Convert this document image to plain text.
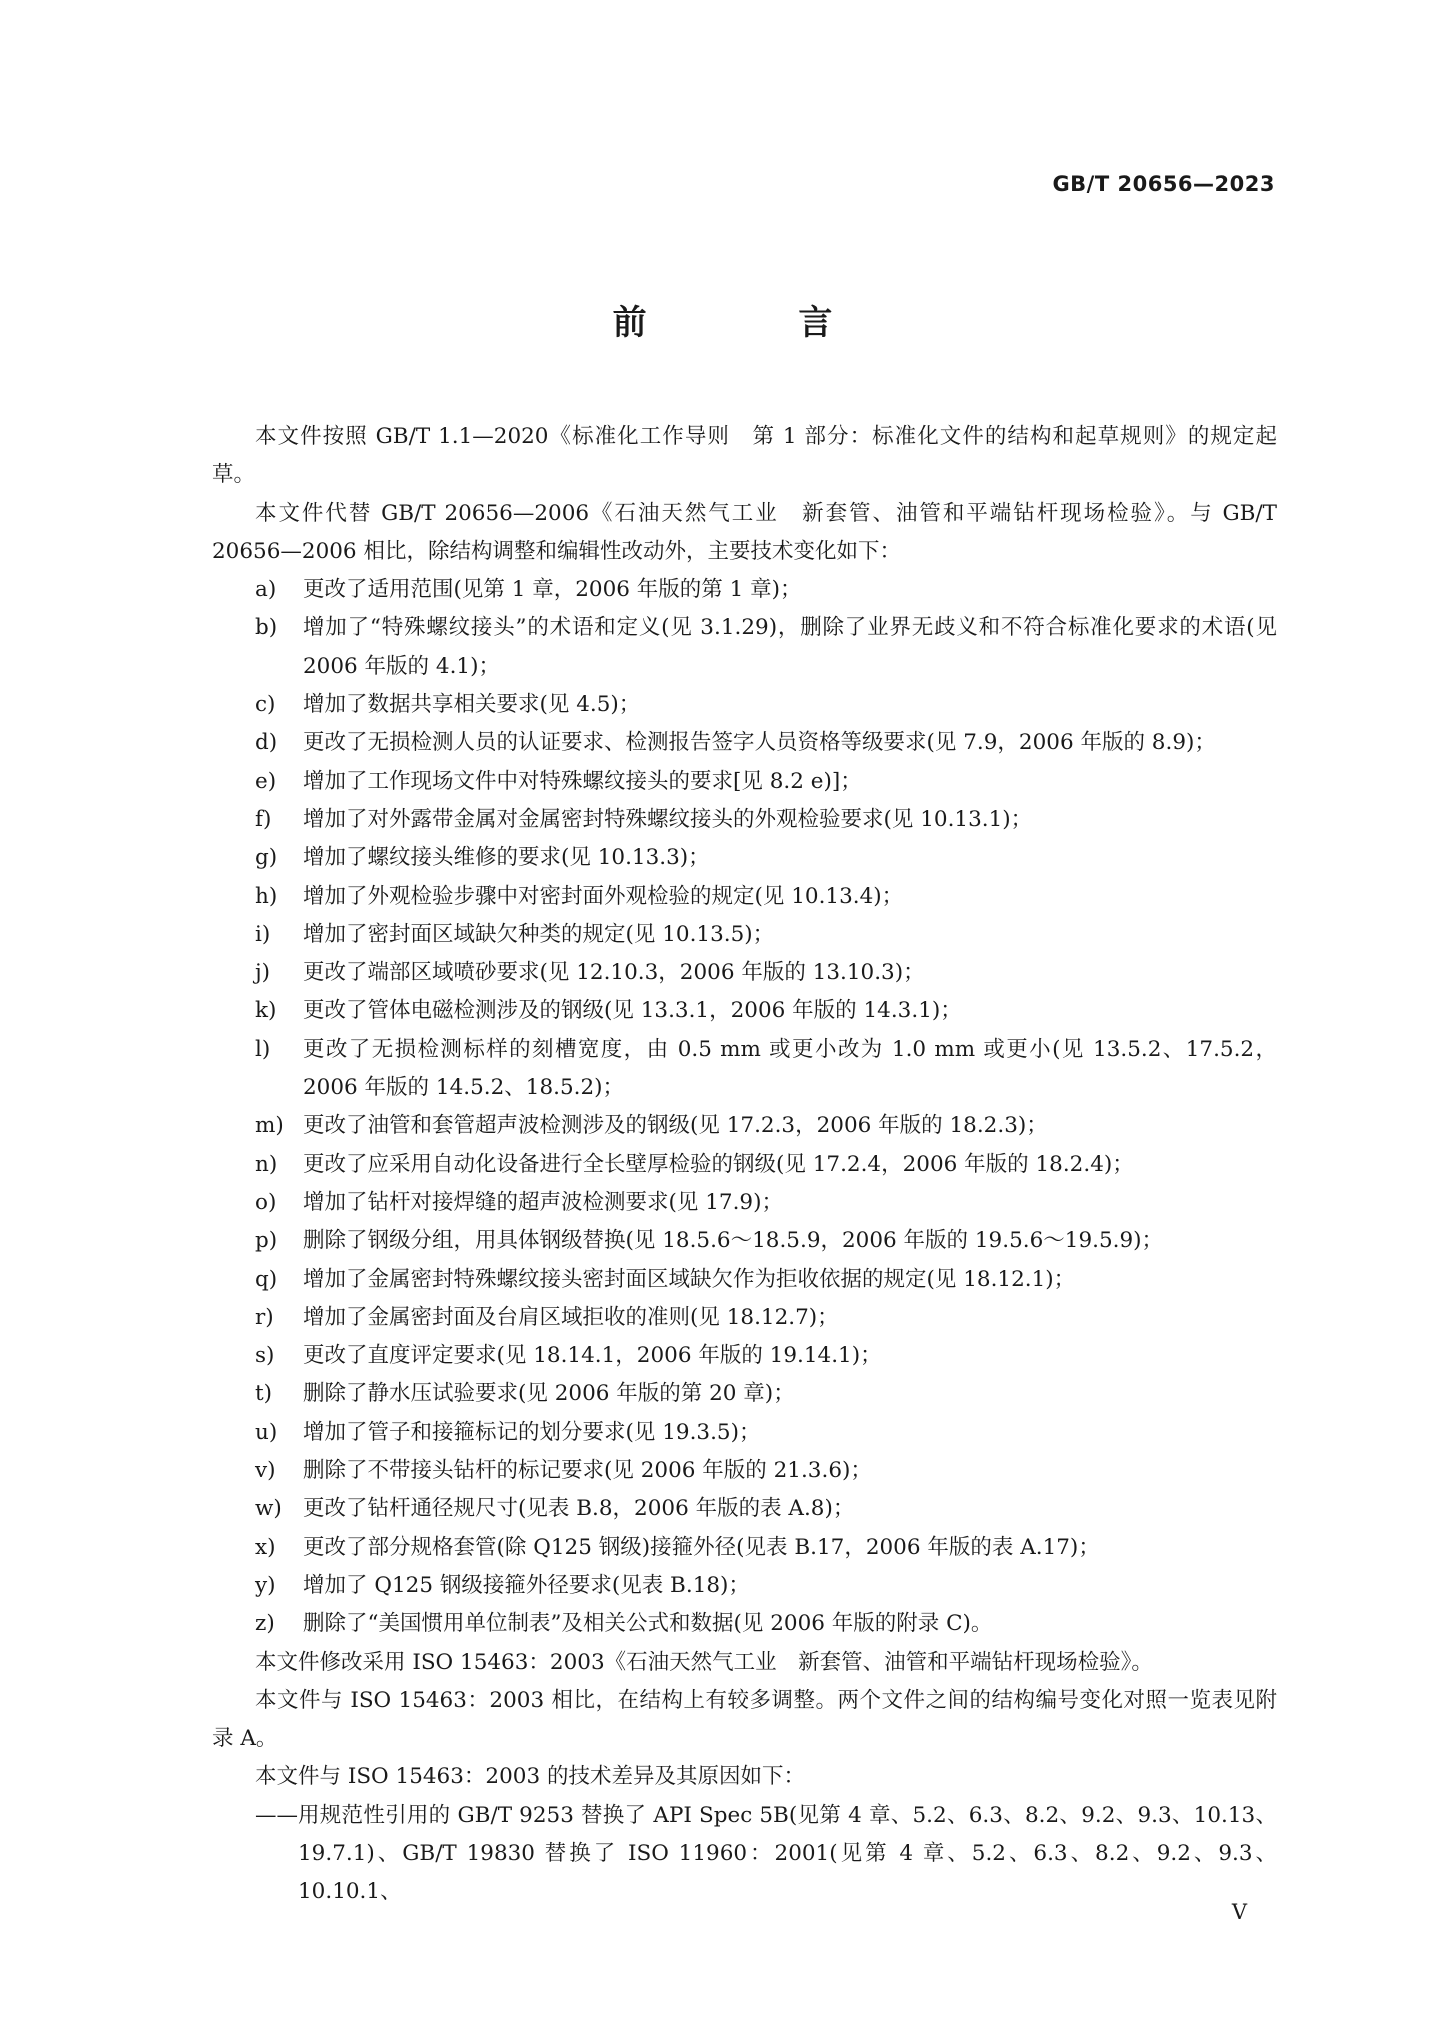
GB/T 20656—2023
前 言

本文件按照 GB/T 1.1—2020《标准化工作导则　第 1 部分：标准化文件的结构和起草规则》的规定起草。

本文件代替 GB/T 20656—2006《石油天然气工业　新套管、油管和平端钻杆现场检验》。与 GB/T 20656—2006 相比，除结构调整和编辑性改动外，主要技术变化如下：

a)	更改了适用范围(见第 1 章，2006 年版的第 1 章)；
b)	增加了“特殊螺纹接头”的术语和定义(见 3.1.29)，删除了业界无歧义和不符合标准化要求的术语(见 2006 年版的 4.1)；
c)	增加了数据共享相关要求(见 4.5)；
d)	更改了无损检测人员的认证要求、检测报告签字人员资格等级要求(见 7.9，2006 年版的 8.9)；
e)	增加了工作现场文件中对特殊螺纹接头的要求[见 8.2 e)]；
f)	增加了对外露带金属对金属密封特殊螺纹接头的外观检验要求(见 10.13.1)；
g)	增加了螺纹接头维修的要求(见 10.13.3)；
h)	增加了外观检验步骤中对密封面外观检验的规定(见 10.13.4)；
i)	增加了密封面区域缺欠种类的规定(见 10.13.5)；
j)	更改了端部区域喷砂要求(见 12.10.3，2006 年版的 13.10.3)；
k)	更改了管体电磁检测涉及的钢级(见 13.3.1，2006 年版的 14.3.1)；
l)	更改了无损检测标样的刻槽宽度，由 0.5 mm 或更小改为 1.0 mm 或更小(见 13.5.2、17.5.2，2006 年版的 14.5.2、18.5.2)；
m) 更改了油管和套管超声波检测涉及的钢级(见 17.2.3，2006 年版的 18.2.3)；
n)	更改了应采用自动化设备进行全长壁厚检验的钢级(见 17.2.4，2006 年版的 18.2.4)；
o)	增加了钻杆对接焊缝的超声波检测要求(见 17.9)；
p)	删除了钢级分组，用具体钢级替换(见 18.5.6～18.5.9，2006 年版的 19.5.6～19.5.9)；
q)	增加了金属密封特殊螺纹接头密封面区域缺欠作为拒收依据的规定(见 18.12.1)；
r)	增加了金属密封面及台肩区域拒收的准则(见 18.12.7)；
s)	更改了直度评定要求(见 18.14.1，2006 年版的 19.14.1)；
t)	删除了静水压试验要求(见 2006 年版的第 20 章)；
u)	增加了管子和接箍标记的划分要求(见 19.3.5)；
v)	删除了不带接头钻杆的标记要求(见 2006 年版的 21.3.6)；
w) 更改了钻杆通径规尺寸(见表 B.8，2006 年版的表 A.8)；
x)	更改了部分规格套管(除 Q125 钢级)接箍外径(见表 B.17，2006 年版的表 A.17)；
y)	增加了 Q125 钢级接箍外径要求(见表 B.18)；
z)	删除了“美国惯用单位制表”及相关公式和数据(见 2006 年版的附录 C)。

本文件修改采用 ISO 15463：2003《石油天然气工业　新套管、油管和平端钻杆现场检验》。

本文件与 ISO 15463：2003 相比，在结构上有较多调整。两个文件之间的结构编号变化对照一览表见附录 A。

本文件与 ISO 15463：2003 的技术差异及其原因如下：

—— 用规范性引用的 GB/T 9253 替换了 API Spec 5B(见第 4 章、5.2、6.3、8.2、9.2、9.3、10.13、19.7.1)、GB/T 19830 替换了 ISO 11960：2001(见第 4 章、5.2、6.3、8.2、9.2、9.3、10.10.1、
V
